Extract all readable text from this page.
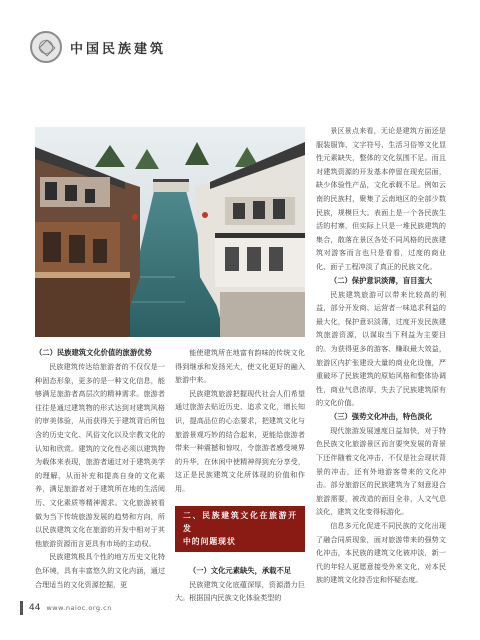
中国民族建筑
（二）民族建筑文化价值的旅游优势

民族建筑传达给旅游者的不仅仅是一种固态形象，更多的是一种文化信息，能够满足旅游者高层次的精神需求。旅游者往往是通过建筑物的形式达到对建筑风格的审美体验，从而获得关于建筑背后所包含的历史文化、风俗文化以及宗教文化的认知和欣赏。建筑的文化性必须以建筑物为载体来表现，旅游者通过对于建筑美学的理解，从而补充和提高自身的文化素养，满足旅游者对于建筑所在地的生活阅历、文化素质等精神需求。文化旅游被看做为当下传统旅游发展的趋势和方向，所以民族建筑文化在旅游的开发中相对于其他旅游资源而言更具有市场的主动权。

民族建筑极具个性的地方历史文化特色环境，具有丰富悠久的文化内涵，通过合理适当的文化资源挖掘，更

能使建筑所在地富有韵味的传统文化得到继承和发扬光大，使文化更好的融入旅游中来。

民族建筑旅游把握现代社会人们希望通过旅游去贴近历史、追求文化，增长知识，提高品位的心态要求，把建筑文化与旅游景观巧妙的结合起来，更能给旅游者带来一种震撼和惊叹，令旅游者感受境界的升华，在休闲中使精神得到充分享受，这正是民族建筑文化所体现的价值和作用。

二、民族建筑文化在旅游开发
中的问题现状
（一）文化元素缺失，承载不足

民族建筑文化底蕴深厚，资源潜力巨大。根据国内民族文化体验类型的

景区景点来看，无论是建筑方面还是服装服饰、文字符号、生活习俗等文化显性元素缺失，整体的文化氛围不足。而且对建筑资源的开发基本停留在现充层面，缺少体验性产品，文化承载不足。例如云南的民族村，聚集了云南地区的全部少数民族，规模巨大。表面上是一个各民族生活的村寨，但实际上只是一堆民族建筑的集合，散落在景区各处不同风格的民族建筑对游客而言也只是看看，过度的商业化、面子工程冲淡了真正的民族文化。

（二）保护意识淡薄，盲目蛮大

民族建筑旅游可以带来比较高的利益，部分开发商、运营者一味追求利益的最大化，保护意识淡薄，过度开发民族建筑旅游资源，以谋取当下利益为主要目的。为获得更多的游客、赚取最大效益，旅游区内扩张建设大量的商业化设施，严重破坏了民族建筑的原始风格和整体协调性，商业气息浓厚，失去了民族建筑原有的文化价值。

（三）强势文化冲击，特色淡化

现代旅游发展速度日益加快，对于特色民族文化旅游景区而言要突发展的背景下还伴随着文化冲击，不仅是社会现状背景的冲击，还有外地游客带来的文化冲击。部分旅游区的民族建筑为了刻意迎合旅游需要，被改造的面目全非，人文气息淡化，建筑文化变得标游化。

信息多元化促进不同民族的文化出现了融合同质现象，面对旅游带来的强势文化冲击，本民族的建筑文化被冲淡，新一代的年轻人更愿意接受外来文化，对本民族的建筑文化持否定和怀疑态度。

44 www.naioc.org.cn
